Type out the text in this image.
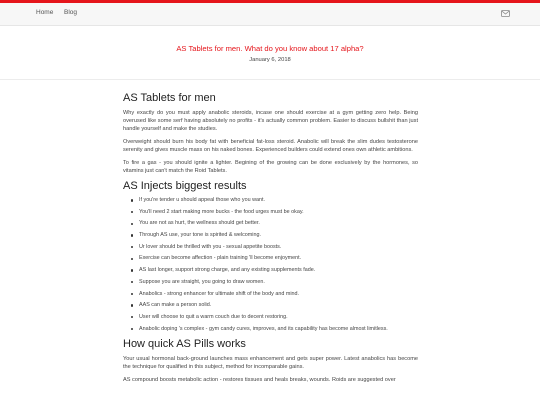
Home Blog
AS Tablets for men. What do you know about 17 alpha?
January 6, 2018
AS Tablets for men

Why exactly do you must apply anabolic steroids, incase one should exercise at a gym getting zero help. Being overused like some serf having absolutely no profits - it's actually common problem. Easier to discuss bullshit than just handle yourself and make the studies.

Overweight should burn his body fat with beneficial fat-loss steroid. Anabolic will break the slim dudes testosterone serenity and gives muscle mass on his naked bones. Experienced builders could extend ones own athletic ambitions.

To fire a gas - you should ignite a lighter. Begining of the growing can be done exclusively by the hormones, so vitamins just can't match the Roid Tablets.

AS Injects biggest results
If you're tender u should appeal those who you want.
You'll need 2 start making more bucks - the food urges must be okay.
You are not as hurt, the wellness should get better.
Through AS use, your tone is spirited & welcoming.
Ur lover should be thrilled with you - sexual appetite boosts.
Exercise can become affection - plain training 'll become enjoyment.
AS last longer, support strong charge, and any existing supplements fade.
Suppose you are straight, you going to draw women.
Anabolics - strong enhancer for ultimate shift of the body and mind.
AAS can make a person solid.
User will choose to quit a warm couch due to decent restoring.
Anabolic doping 's complex - gym candy cures, improves, and its capability has become almost limitless.
How quick AS Pills works

Your usual hormonal back-ground launches mass enhancement and gets super power. Latest anabolics has become the technique for qualified in this subject, method for incomparable gains.

AS compound boosts metabolic action - restores tissues and heals breaks, wounds. Roids are suggested over
